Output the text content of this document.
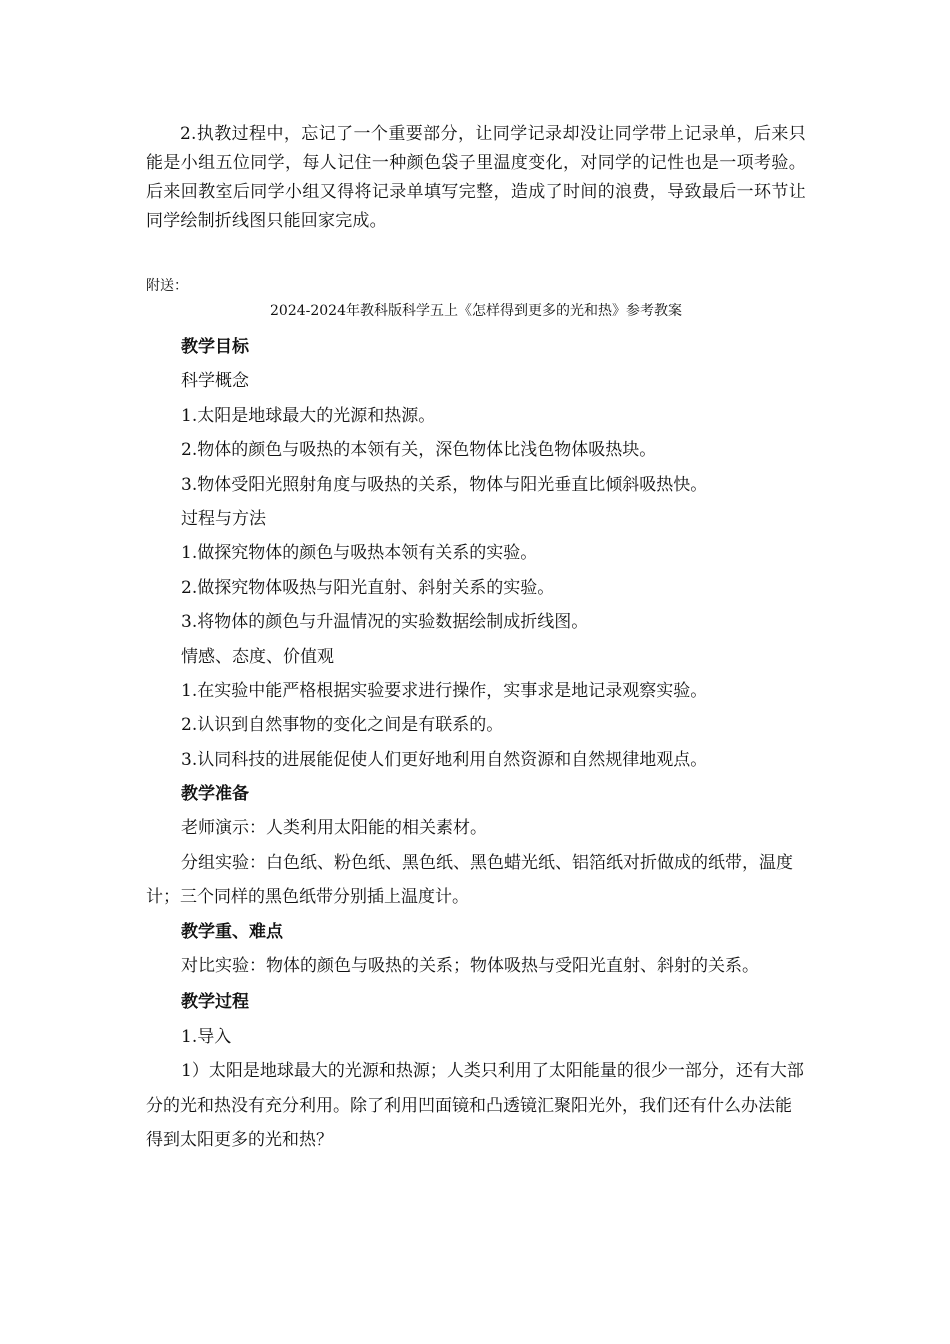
2.执教过程中，忘记了一个重要部分，让同学记录却没让同学带上记录单，后来只能是小组五位同学，每人记住一种颜色袋子里温度变化，对同学的记性也是一项考验。后来回教室后同学小组又得将记录单填写完整，造成了时间的浪费，导致最后一环节让同学绘制折线图只能回家完成。

附送：
2024-2024年教科版科学五上《怎样得到更多的光和热》参考教案
教学目标
科学概念
1.太阳是地球最大的光源和热源。
2.物体的颜色与吸热的本领有关，深色物体比浅色物体吸热块。
3.物体受阳光照射角度与吸热的关系，物体与阳光垂直比倾斜吸热快。
过程与方法
1.做探究物体的颜色与吸热本领有关系的实验。
2.做探究物体吸热与阳光直射、斜射关系的实验。
3.将物体的颜色与升温情况的实验数据绘制成折线图。
情感、态度、价值观
1.在实验中能严格根据实验要求进行操作，实事求是地记录观察实验。
2.认识到自然事物的变化之间是有联系的。
3.认同科技的进展能促使人们更好地利用自然资源和自然规律地观点。
教学准备
老师演示：人类利用太阳能的相关素材。
分组实验：白色纸、粉色纸、黑色纸、黑色蜡光纸、铝箔纸对折做成的纸带，温度计；三个同样的黑色纸带分别插上温度计。
教学重、难点
对比实验：物体的颜色与吸热的关系；物体吸热与受阳光直射、斜射的关系。
教学过程
1.导入
1）太阳是地球最大的光源和热源；人类只利用了太阳能量的很少一部分，还有大部分的光和热没有充分利用。除了利用凹面镜和凸透镜汇聚阳光外，我们还有什么办法能得到太阳更多的光和热？
